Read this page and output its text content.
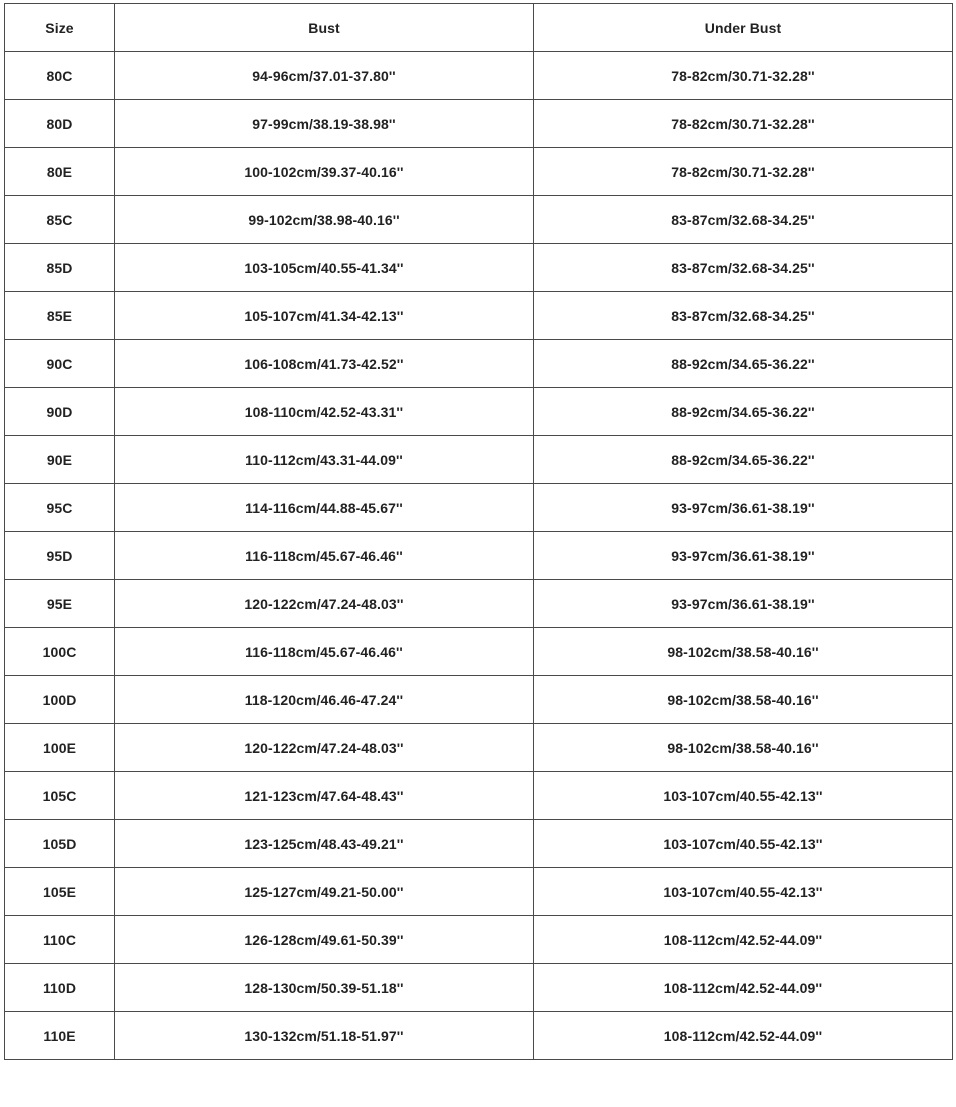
Size	Bust	Under Bust
80C	94-96cm/37.01-37.80''	78-82cm/30.71-32.28''
80D	97-99cm/38.19-38.98''	78-82cm/30.71-32.28''
80E	100-102cm/39.37-40.16''	78-82cm/30.71-32.28''
85C	99-102cm/38.98-40.16''	83-87cm/32.68-34.25''
85D	103-105cm/40.55-41.34''	83-87cm/32.68-34.25''
85E	105-107cm/41.34-42.13''	83-87cm/32.68-34.25''
90C	106-108cm/41.73-42.52''	88-92cm/34.65-36.22''
90D	108-110cm/42.52-43.31''	88-92cm/34.65-36.22''
90E	110-112cm/43.31-44.09''	88-92cm/34.65-36.22''
95C	114-116cm/44.88-45.67''	93-97cm/36.61-38.19''
95D	116-118cm/45.67-46.46''	93-97cm/36.61-38.19''
95E	120-122cm/47.24-48.03''	93-97cm/36.61-38.19''
100C	116-118cm/45.67-46.46''	98-102cm/38.58-40.16''
100D	118-120cm/46.46-47.24''	98-102cm/38.58-40.16''
100E	120-122cm/47.24-48.03''	98-102cm/38.58-40.16''
105C	121-123cm/47.64-48.43''	103-107cm/40.55-42.13''
105D	123-125cm/48.43-49.21''	103-107cm/40.55-42.13''
105E	125-127cm/49.21-50.00''	103-107cm/40.55-42.13''
110C	126-128cm/49.61-50.39''	108-112cm/42.52-44.09''
110D	128-130cm/50.39-51.18''	108-112cm/42.52-44.09''
110E	130-132cm/51.18-51.97''	108-112cm/42.52-44.09''
